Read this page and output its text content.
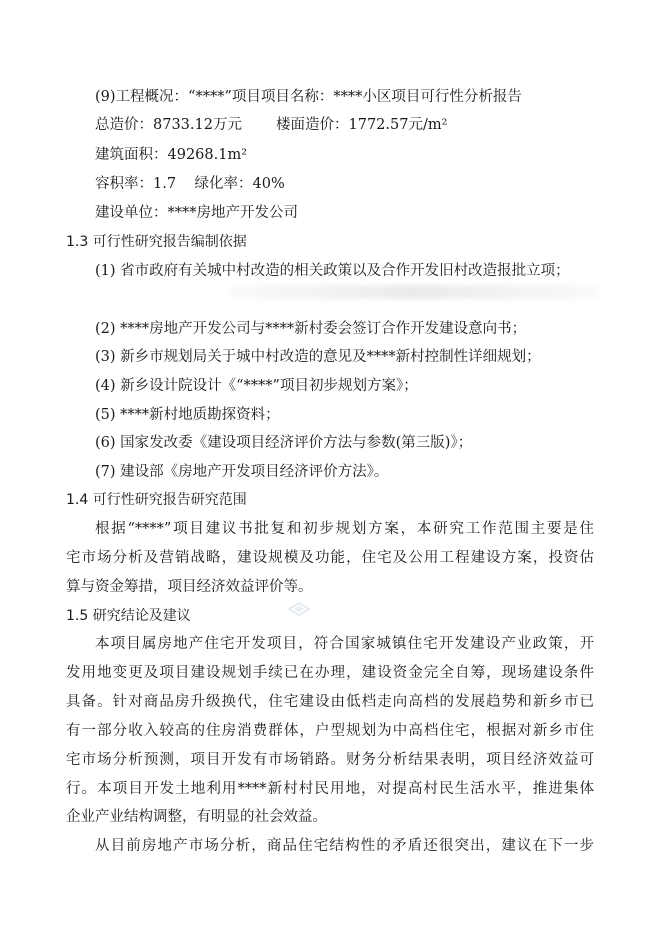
(9)工程概况：“****”项目项目名称：****小区项目可行性分析报告
总造价：8733.12万元 楼面造价：1772.57元/m²
建筑面积：49268.1m²
容积率：1.7    绿化率：40%
建设单位：****房地产开发公司
1.3 可行性研究报告编制依据
(1) 省市政府有关城中村改造的相关政策以及合作开发旧村改造报批立项；
(2) ****房地产开发公司与****新村委会签订合作开发建设意向书；
(3) 新乡市规划局关于城中村改造的意见及****新村控制性详细规划；
(4) 新乡设计院设计《“****”项目初步规划方案》；
(5) ****新村地质勘探资料；
(6) 国家发改委《建设项目经济评价方法与参数(第三版)》；
(7) 建设部《房地产开发项目经济评价方法》。
1.4 可行性研究报告研究范围
根据“****”项目建议书批复和初步规划方案，本研究工作范围主要是住
宅市场分析及营销战略，建设规模及功能，住宅及公用工程建设方案，投资估
算与资金筹措，项目经济效益评价等。
1.5 研究结论及建议
本项目属房地产住宅开发项目，符合国家城镇住宅开发建设产业政策，开
发用地变更及项目建设规划手续已在办理，建设资金完全自筹，现场建设条件
具备。针对商品房升级换代，住宅建设由低档走向高档的发展趋势和新乡市已
有一部分收入较高的住房消费群体，户型规划为中高档住宅，根据对新乡市住
宅市场分析预测，项目开发有市场销路。财务分析结果表明，项目经济效益可
行。本项目开发土地利用****新村村民用地，对提高村民生活水平，推进集体
企业产业结构调整，有明显的社会效益。
从目前房地产市场分析，商品住宅结构性的矛盾还很突出，建议在下一步
